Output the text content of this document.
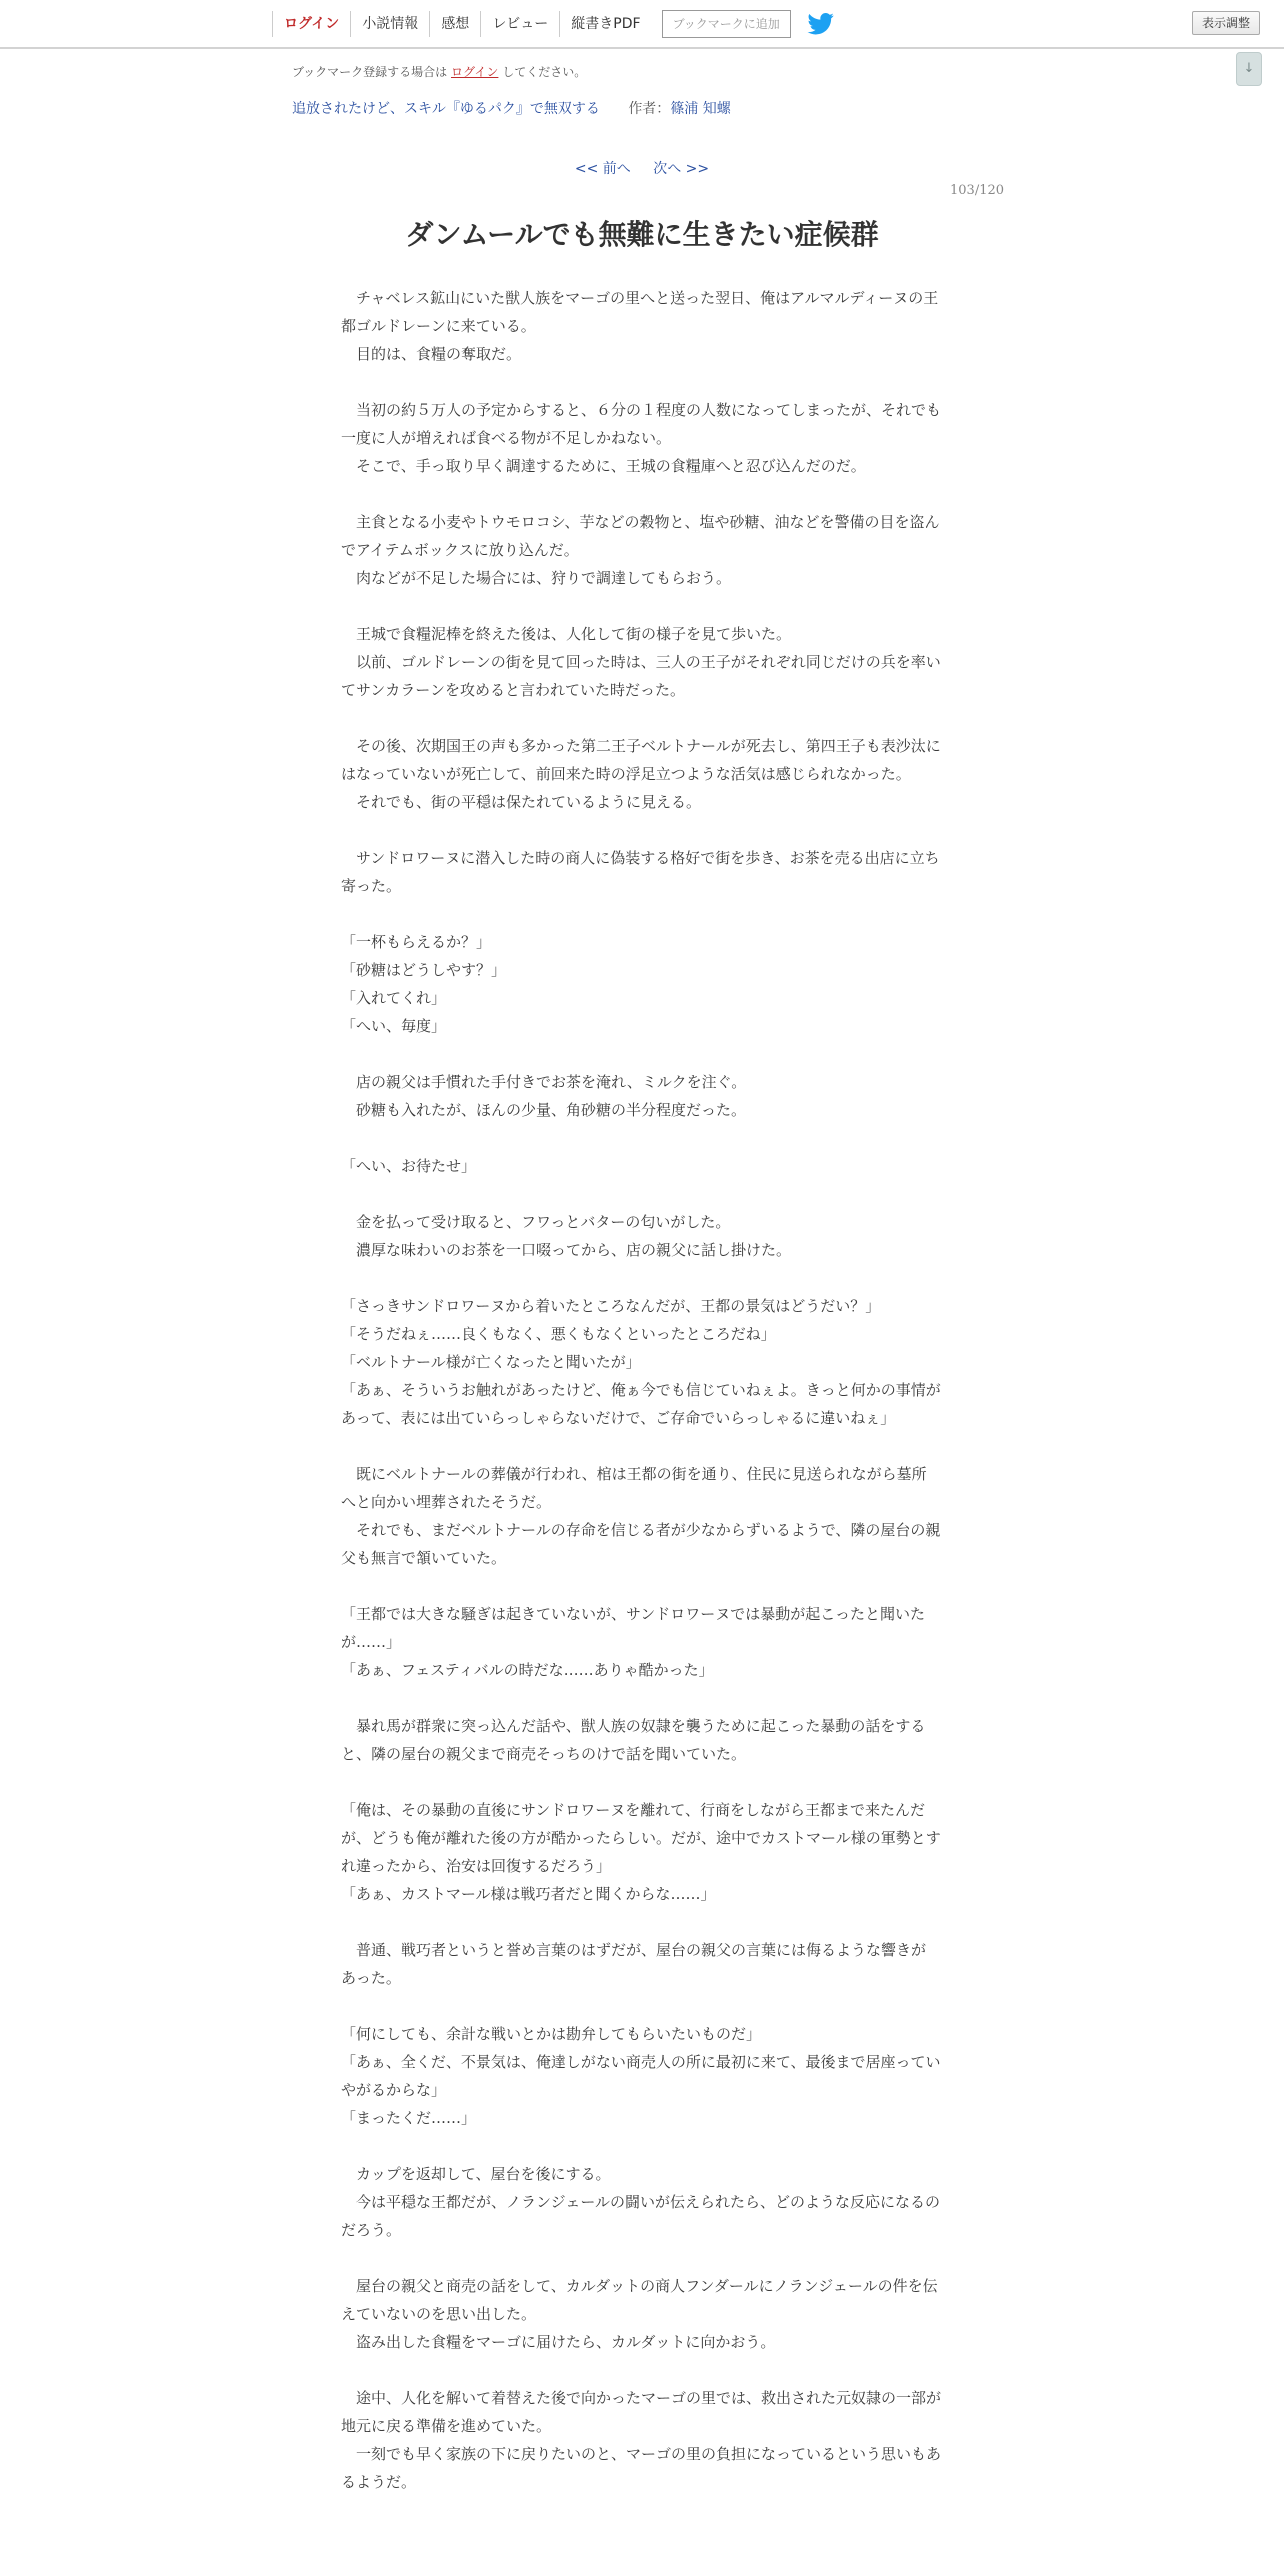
ログイン	小説情報	感想	レビュー	縦書きPDF	ブックマークに追加	表示調整
↓
ブックマーク登録する場合は ログイン してください。
追放されたけど、スキル『ゆるパク』で無双する 作者：篠浦 知螺
<< 前へ 次へ >>
103/120
ダンムールでも無難に生きたい症候群

　チャベレス鉱山にいた獣人族をマーゴの里へと送った翌日、俺はアルマルディーヌの王都ゴルドレーンに来ている。

　目的は、食糧の奪取だ。

　当初の約５万人の予定からすると、６分の１程度の人数になってしまったが、それでも一度に人が増えれば食べる物が不足しかねない。

　そこで、手っ取り早く調達するために、王城の食糧庫へと忍び込んだのだ。

　主食となる小麦やトウモロコシ、芋などの穀物と、塩や砂糖、油などを警備の目を盗んでアイテムボックスに放り込んだ。

　肉などが不足した場合には、狩りで調達してもらおう。

　王城で食糧泥棒を終えた後は、人化して街の様子を見て歩いた。

　以前、ゴルドレーンの街を見て回った時は、三人の王子がそれぞれ同じだけの兵を率いてサンカラーンを攻めると言われていた時だった。

　その後、次期国王の声も多かった第二王子ベルトナールが死去し、第四王子も表沙汰にはなっていないが死亡して、前回来た時の浮足立つような活気は感じられなかった。

　それでも、街の平穏は保たれているように見える。

　サンドロワーヌに潜入した時の商人に偽装する格好で街を歩き、お茶を売る出店に立ち寄った。

「一杯もらえるか？」

「砂糖はどうしやす？」

「入れてくれ」

「へい、毎度」

　店の親父は手慣れた手付きでお茶を淹れ、ミルクを注ぐ。

　砂糖も入れたが、ほんの少量、角砂糖の半分程度だった。

「へい、お待たせ」

　金を払って受け取ると、フワっとバターの匂いがした。

　濃厚な味わいのお茶を一口啜ってから、店の親父に話し掛けた。

「さっきサンドロワーヌから着いたところなんだが、王都の景気はどうだい？」

「そうだねぇ……良くもなく、悪くもなくといったところだね」

「ベルトナール様が亡くなったと聞いたが」

「あぁ、そういうお触れがあったけど、俺ぁ今でも信じていねぇよ。きっと何かの事情があって、表には出ていらっしゃらないだけで、ご存命でいらっしゃるに違いねぇ」

　既にベルトナールの葬儀が行われ、棺は王都の街を通り、住民に見送られながら墓所へと向かい埋葬されたそうだ。

　それでも、まだベルトナールの存命を信じる者が少なからずいるようで、隣の屋台の親父も無言で頷いていた。

「王都では大きな騒ぎは起きていないが、サンドロワーヌでは暴動が起こったと聞いたが……」

「あぁ、フェスティバルの時だな……ありゃ酷かった」

　暴れ馬が群衆に突っ込んだ話や、獣人族の奴隷を襲うために起こった暴動の話をすると、隣の屋台の親父まで商売そっちのけで話を聞いていた。

「俺は、その暴動の直後にサンドロワーヌを離れて、行商をしながら王都まで来たんだが、どうも俺が離れた後の方が酷かったらしい。だが、途中でカストマール様の軍勢とすれ違ったから、治安は回復するだろう」

「あぁ、カストマール様は戦巧者だと聞くからな……」

　普通、戦巧者というと誉め言葉のはずだが、屋台の親父の言葉には侮るような響きがあった。

「何にしても、余計な戦いとかは勘弁してもらいたいものだ」

「あぁ、全くだ、不景気は、俺達しがない商売人の所に最初に来て、最後まで居座っていやがるからな」

「まったくだ……」

　カップを返却して、屋台を後にする。

　今は平穏な王都だが、ノランジェールの闘いが伝えられたら、どのような反応になるのだろう。

　屋台の親父と商売の話をして、カルダットの商人フンダールにノランジェールの件を伝えていないのを思い出した。

　盗み出した食糧をマーゴに届けたら、カルダットに向かおう。

　途中、人化を解いて着替えた後で向かったマーゴの里では、救出された元奴隷の一部が地元に戻る準備を進めていた。

　一刻でも早く家族の下に戻りたいのと、マーゴの里の負担になっているという思いもあるようだ。
